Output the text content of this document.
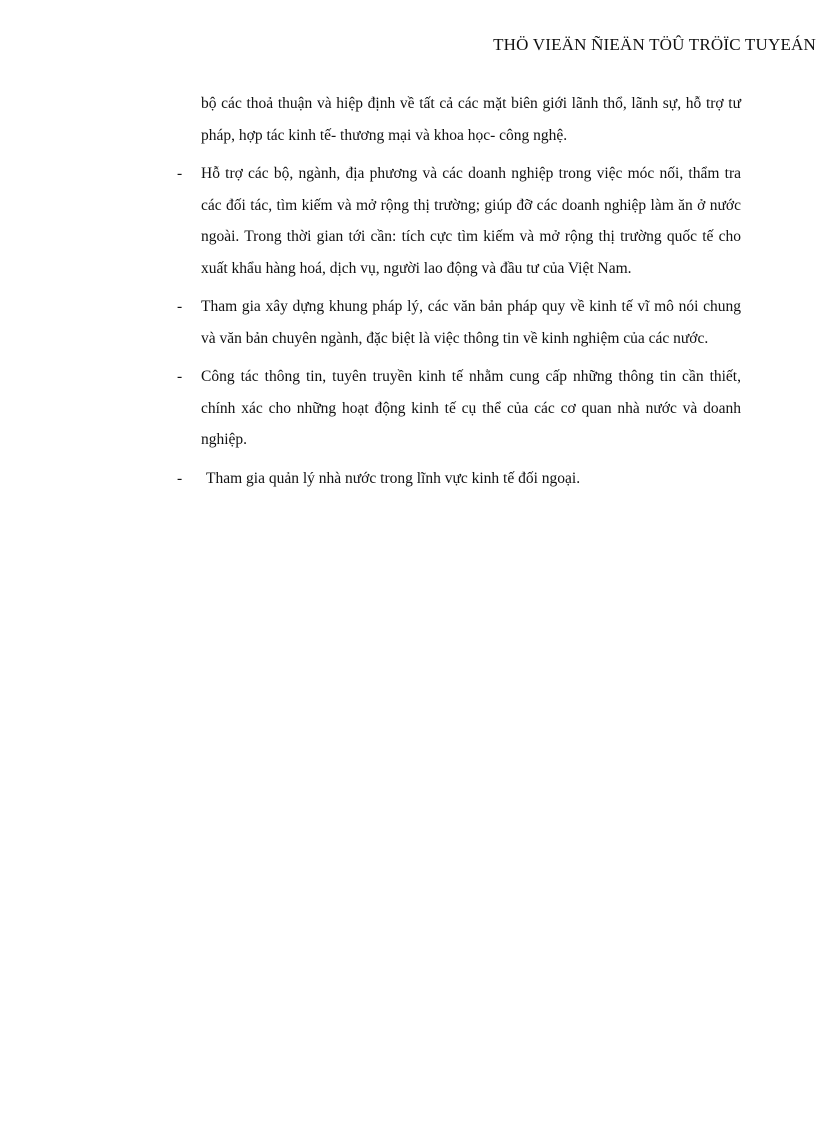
THÖ VIEÄN ÑIEÄN TÖÛ TRÖÏC TUYEÁN

bộ các thoả thuận và hiệp định về tất cả các mặt biên giới lãnh thổ, lãnh sự, hỗ trợ tư pháp, hợp tác kinh tế- thương mại và khoa học- công nghệ.

- Hỗ trợ các bộ, ngành, địa phương và các doanh nghiệp trong việc móc nối, thẩm tra các đối tác, tìm kiếm và mở rộng thị trường; giúp đỡ các doanh nghiệp làm ăn ở nước ngoài. Trong thời gian tới cần: tích cực tìm kiếm và mở rộng thị trường quốc tế cho xuất khẩu hàng hoá, dịch vụ, người lao động và đầu tư của Việt Nam.
- Tham gia xây dựng khung pháp lý, các văn bản pháp quy về kinh tế vĩ mô nói chung và văn bản chuyên ngành, đặc biệt là việc thông tin về kinh nghiệm của các nước.
- Công tác thông tin, tuyên truyền kinh tế nhằm cung cấp những thông tin cần thiết, chính xác cho những hoạt động kinh tế cụ thể của các cơ quan nhà nước và doanh nghiệp.
-	Tham gia quản lý nhà nước trong lĩnh vực kinh tế đối ngoại.
